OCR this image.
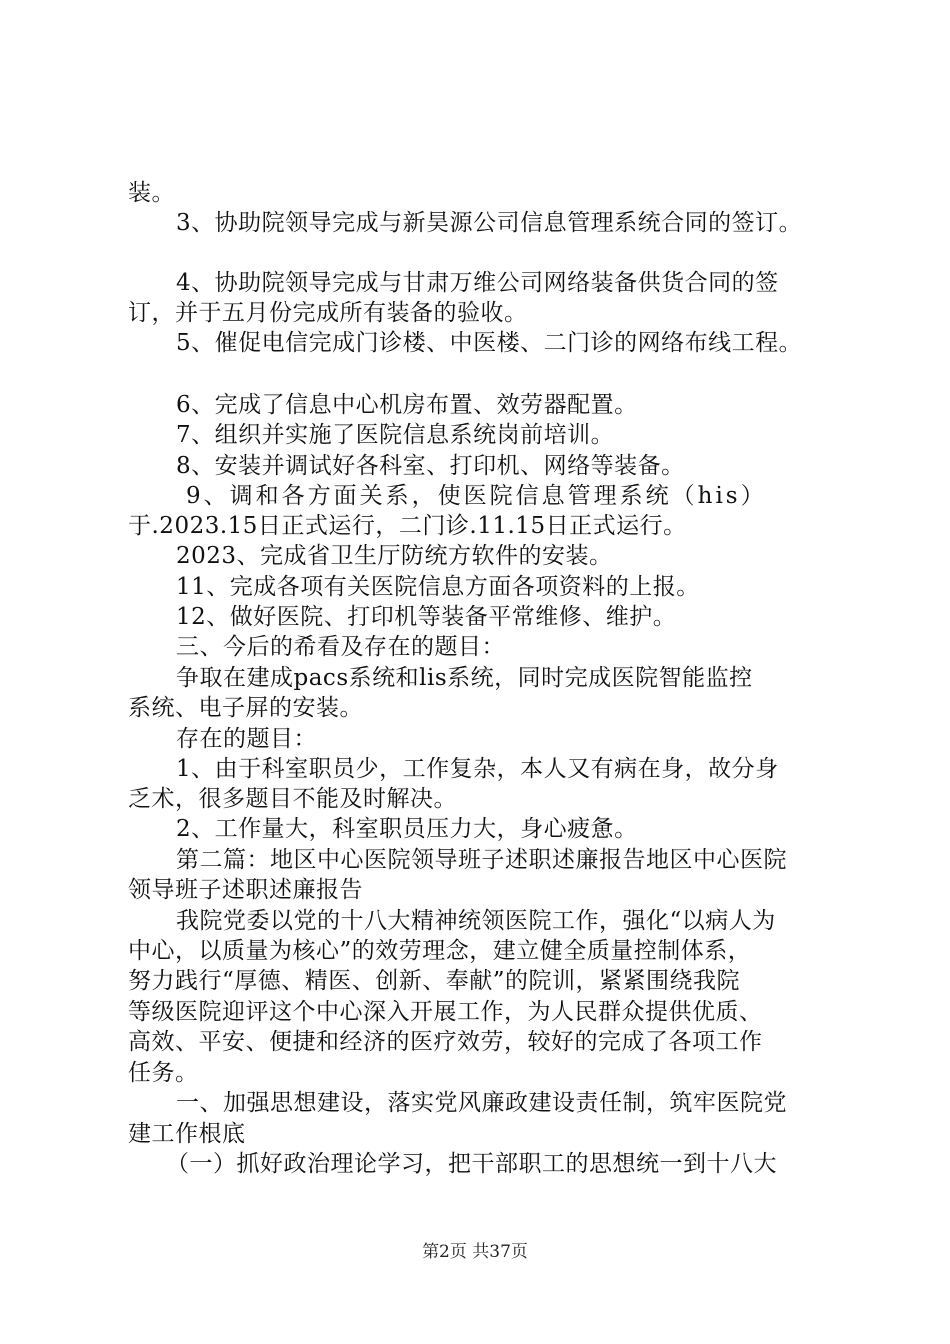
装。
3、协助院领导完成与新昊源公司信息管理系统合同的签订。
4、协助院领导完成与甘肃万维公司网络装备供货合同的签
订，并于五月份完成所有装备的验收。
5、催促电信完成门诊楼、中医楼、二门诊的网络布线工程。
6、完成了信息中心机房布置、效劳器配置。
7、组织并实施了医院信息系统岗前培训。
8、安装并调试好各科室、打印机、网络等装备。
9、调和各方面关系，使医院信息管理系统（his）
于.2023.15日正式运行，二门诊.11.15日正式运行。
2023、完成省卫生厅防统方软件的安装。
11、完成各项有关医院信息方面各项资料的上报。
12、做好医院、打印机等装备平常维修、维护。
三、今后的希看及存在的题目：
争取在建成pacs系统和lis系统，同时完成医院智能监控
系统、电子屏的安装。
存在的题目：
1、由于科室职员少，工作复杂，本人又有病在身，故分身
乏术，很多题目不能及时解决。
2、工作量大，科室职员压力大，身心疲惫。
第二篇：地区中心医院领导班子述职述廉报告地区中心医院
领导班子述职述廉报告
我院党委以党的十八大精神统领医院工作，强化“以病人为
中心，以质量为核心”的效劳理念，建立健全质量控制体系，
努力践行“厚德、精医、创新、奉献”的院训，紧紧围绕我院
等级医院迎评这个中心深入开展工作，为人民群众提供优质、
高效、平安、便捷和经济的医疗效劳，较好的完成了各项工作
任务。
一、加强思想建设，落实党风廉政建设责任制，筑牢医院党
建工作根底
（一）抓好政治理论学习，把干部职工的思想统一到十八大
第2页 共37页
